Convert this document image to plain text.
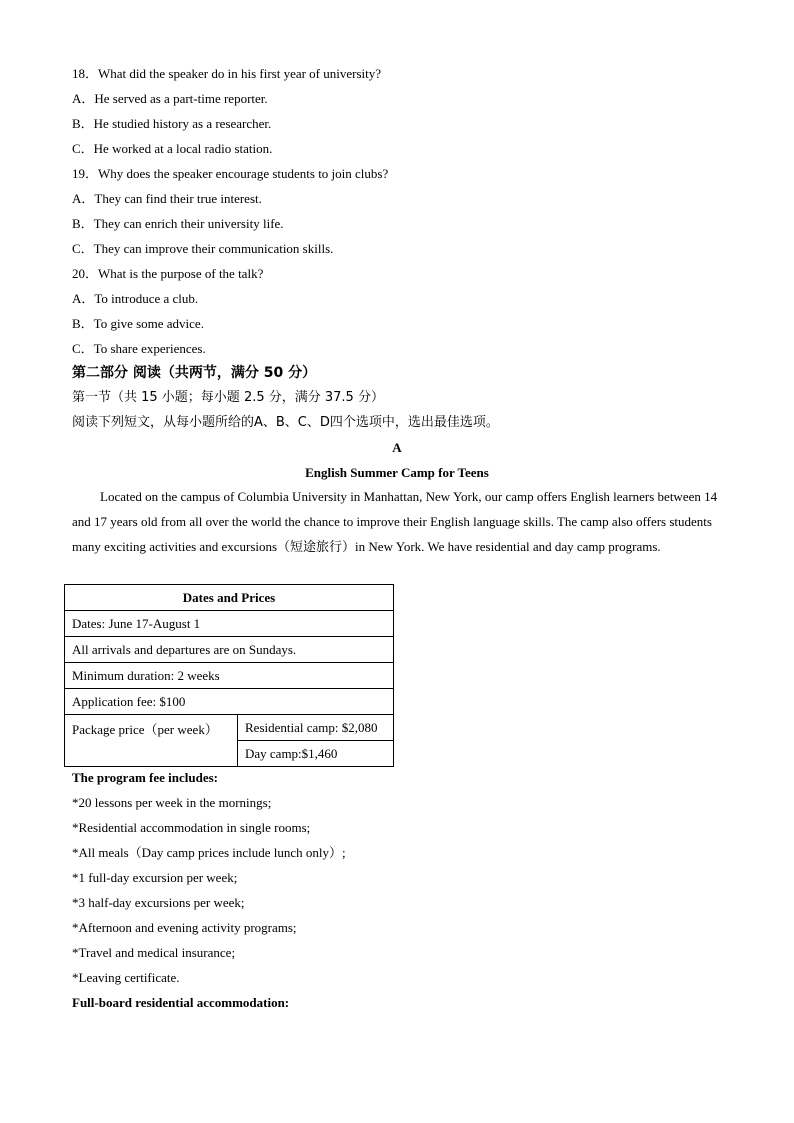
18．What did the speaker do in his first year of university?
A．He served as a part-time reporter.
B．He studied history as a researcher.
C．He worked at a local radio station.
19．Why does the speaker encourage students to join clubs?
A．They can find their true interest.
B．They can enrich their university life.
C．They can improve their communication skills.
20．What is the purpose of the talk?
A．To introduce a club.
B．To give some advice.
C．To share experiences.
第二部分 阅读（共两节，满分 50 分）
第一节（共 15 小题；每小题 2.5 分，满分 37.5 分）
阅读下列短文，从每小题所给的A、B、C、D四个选项中，选出最佳选项。
A
English Summer Camp for Teens
Located on the campus of Columbia University in Manhattan, New York, our camp offers English learners between 14 and 17 years old from all over the world the chance to improve their English language skills. The camp also offers students many exciting activities and excursions（短途旅行）in New York. We have residential and day camp programs.
Dates and Prices
Dates: June 17-August 1
All arrivals and departures are on Sundays.
Minimum duration: 2 weeks
Application fee: $100
Package price（per week）	Residential camp: $2,080
Day camp:$1,460
The program fee includes:
*20 lessons per week in the mornings;
*Residential accommodation in single rooms;
*All meals（Day camp prices include lunch only）;
*1 full-day excursion per week;
*3 half-day excursions per week;
*Afternoon and evening activity programs;
*Travel and medical insurance;
*Leaving certificate.
Full-board residential accommodation:
